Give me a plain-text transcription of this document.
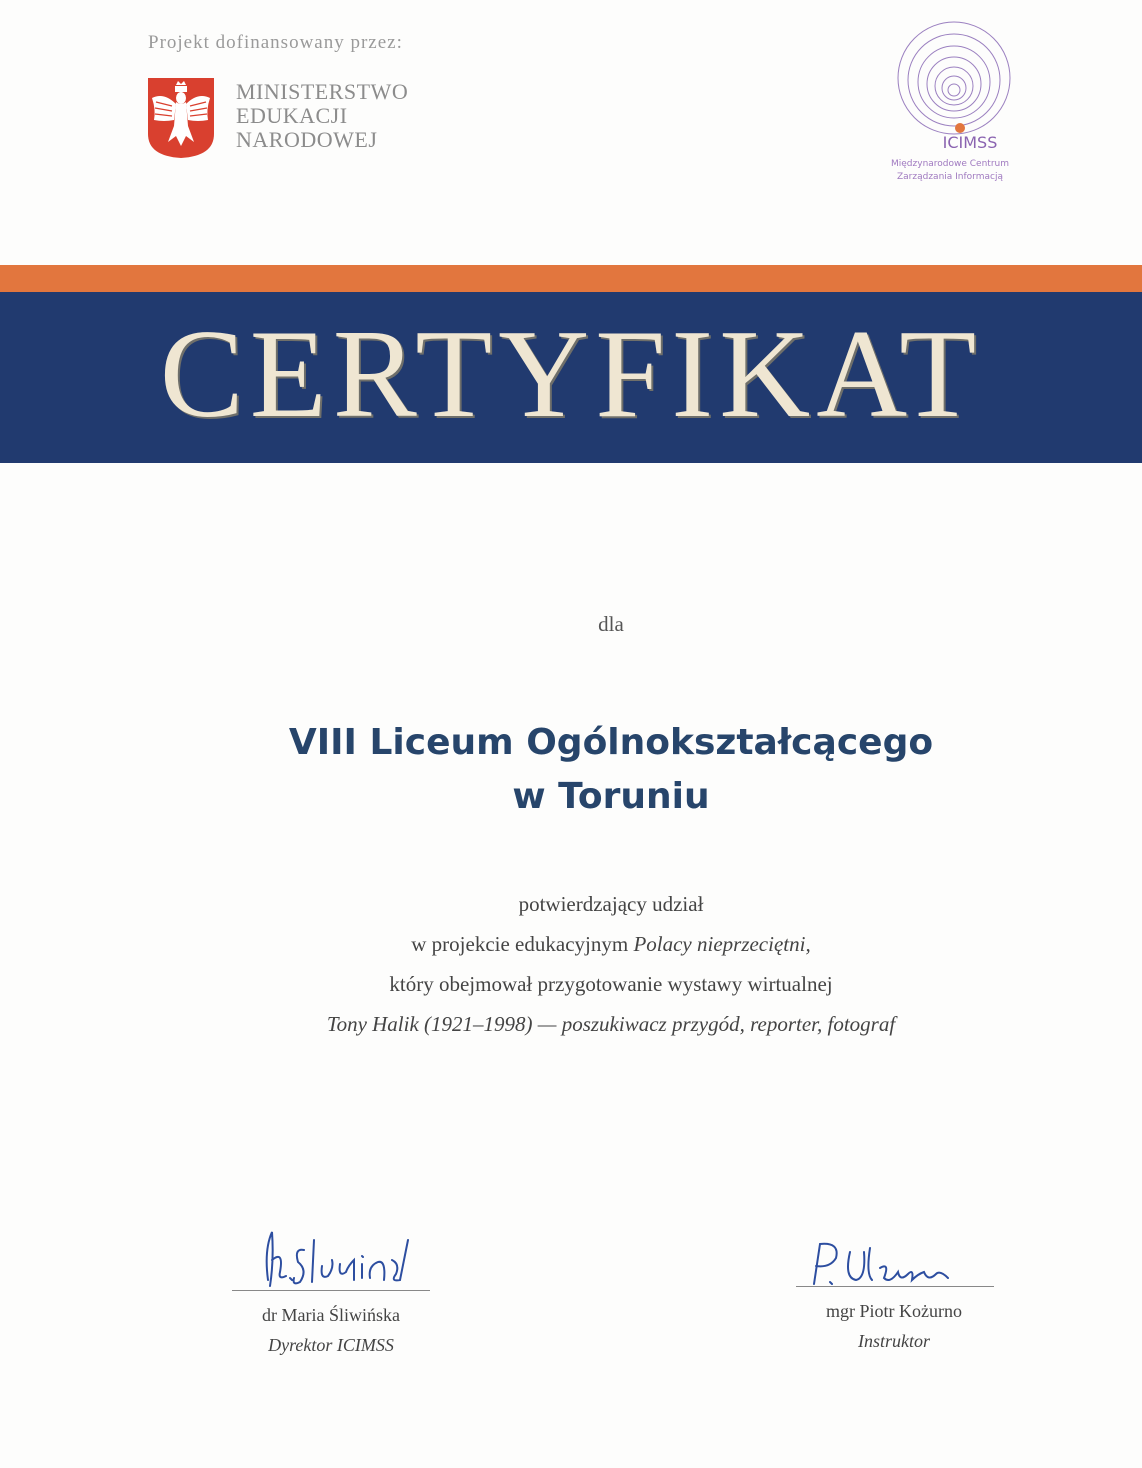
Projekt dofinansowany przez:
MINISTERSTWO
EDUKACJI
NARODOWEJ	ICIMSS
Międzynarodowe Centrum
Zarządzania Informacją
CERTYFIKAT
dla
VIII Liceum Ogólnokształcącego
w Toruniu
potwierdzający udział
w projekcie edukacyjnym Polacy nieprzeciętni,
który obejmował przygotowanie wystawy wirtualnej
Tony Halik (1921–1998) — poszukiwacz przygód, reporter, fotograf
dr Maria Śliwińska
Dyrektor ICIMSS
mgr Piotr Kożurno
Instruktor
